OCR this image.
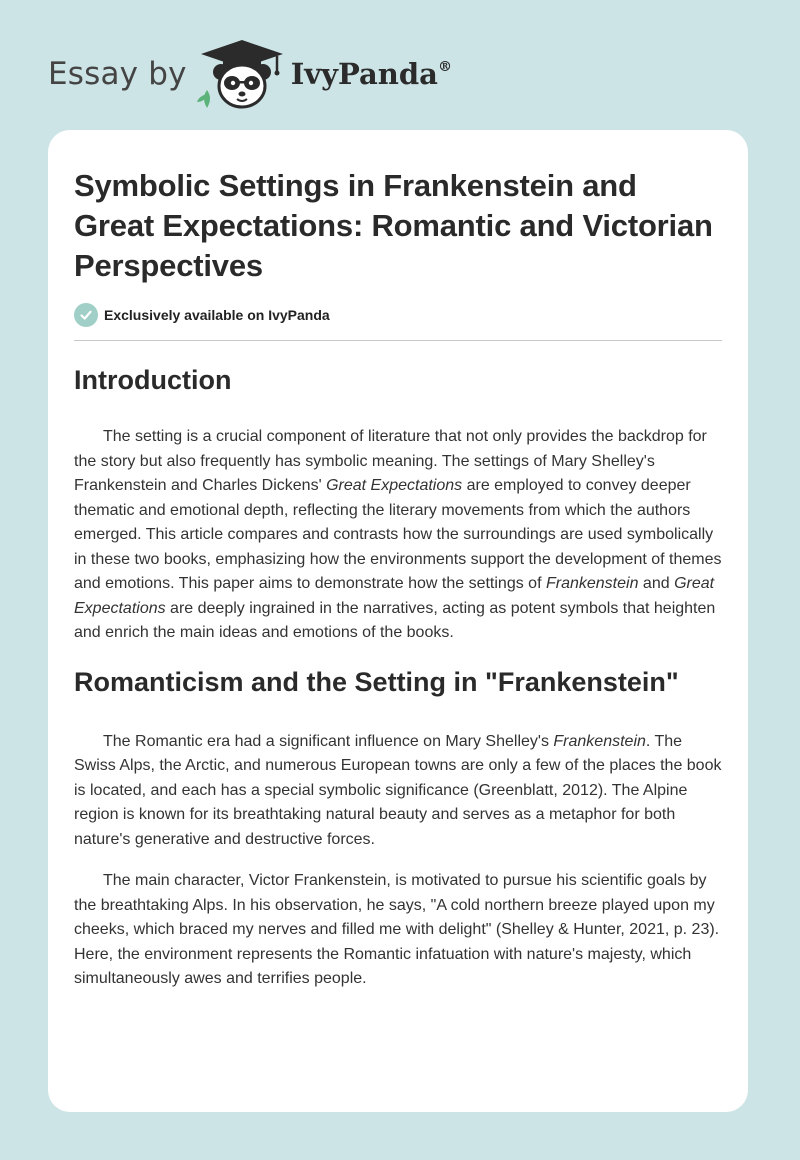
Essay by	IvyPanda®
Symbolic Settings in Frankenstein and Great Expectations: Romantic and Victorian Perspectives
Exclusively available on IvyPanda
Introduction

The setting is a crucial component of literature that not only provides the backdrop for the story but also frequently has symbolic meaning. The settings of Mary Shelley's Frankenstein and Charles Dickens' Great Expectations are employed to convey deeper thematic and emotional depth, reflecting the literary movements from which the authors emerged. This article compares and contrasts how the surroundings are used symbolically in these two books, emphasizing how the environments support the development of themes and emotions. This paper aims to demonstrate how the settings of Frankenstein and Great Expectations are deeply ingrained in the narratives, acting as potent symbols that heighten and enrich the main ideas and emotions of the books.

Romanticism and the Setting in "Frankenstein"

The Romantic era had a significant influence on Mary Shelley's Frankenstein. The Swiss Alps, the Arctic, and numerous European towns are only a few of the places the book is located, and each has a special symbolic significance (Greenblatt, 2012). The Alpine region is known for its breathtaking natural beauty and serves as a metaphor for both nature's generative and destructive forces.

The main character, Victor Frankenstein, is motivated to pursue his scientific goals by the breathtaking Alps. In his observation, he says, "A cold northern breeze played upon my cheeks, which braced my nerves and filled me with delight" (Shelley & Hunter, 2021, p. 23). Here, the environment represents the Romantic infatuation with nature's majesty, which simultaneously awes and terrifies people.
